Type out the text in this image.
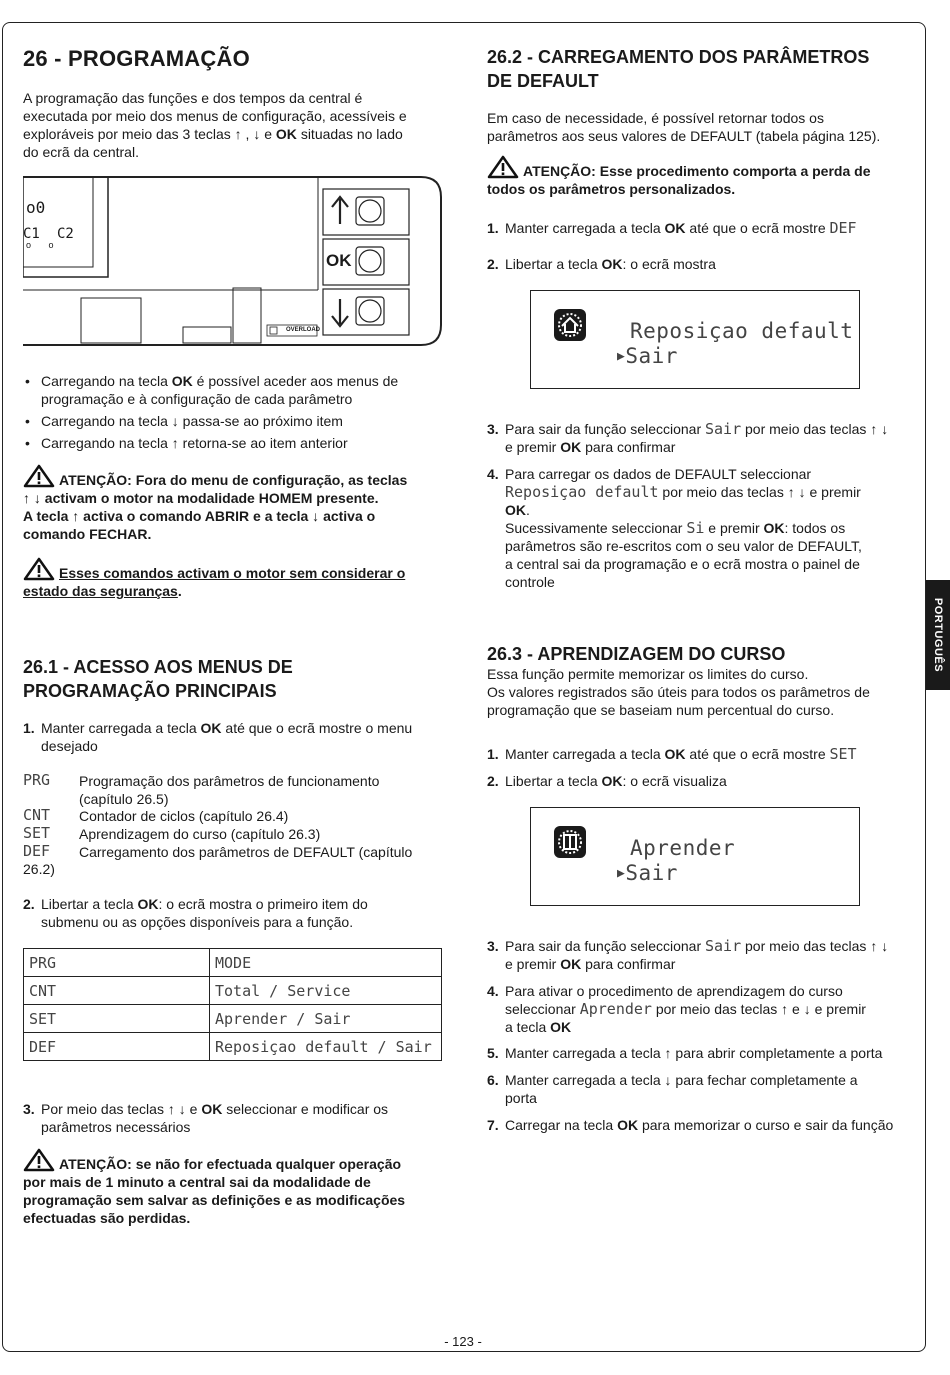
26 - PROGRAMAÇÃO
A programação das funções e dos tempos da central é
executada por meio dos menus de configuração, acessíveis e
exploráveis por meio das 3 teclas ↑ , ↓ e OK situadas no lado
do ecrã da central.
o0
C1 C2
o       o
OK
OVERLOAD
• Carregando na tecla OK é possível aceder aos menus de
programação e à configuração de cada parâmetro
• Carregando na tecla ↓ passa-se ao próximo item
• Carregando na tecla ↑ retorna-se ao item anterior
ATENÇÃO: Fora do menu de configuração, as teclas
↑ ↓ activam o motor na modalidade HOMEM presente.
A tecla ↑ activa o comando ABRIR e a tecla ↓ activa o
comando FECHAR.
Esses comandos activam o motor sem considerar o
estado das seguranças.
26.1 - ACESSO AOS MENUS DE
PROGRAMAÇÃO PRINCIPAIS
1. Manter carregada a tecla OK até que o ecrã mostre o menu
desejado
PRG Programação dos parâmetros de funcionamento
(capítulo 26.5)
CNT Contador de ciclos (capítulo 26.4)
SET Aprendizagem do curso (capítulo 26.3)
DEF Carregamento dos parâmetros de DEFAULT (capítulo
26.2)
2. Libertar a tecla OK: o ecrã mostra o primeiro item do
submenu ou as opções disponíveis para a função.
PRG	MODE
CNT	Total / Service
SET	Aprender / Sair
DEF	Reposiçao default / Sair
3. Por meio das teclas ↑ ↓ e OK seleccionar e modificar os
parâmetros necessários
ATENÇÃO: se não for efectuada qualquer operação
por mais de 1 minuto a central sai da modalidade de
programação sem salvar as definições e as modificações
efectuadas são perdidas.
26.2 - CARREGAMENTO DOS PARÂMETROS
DE DEFAULT
Em caso de necessidade, é possível retornar todos os
parâmetros aos seus valores de DEFAULT (tabela página 125).
ATENÇÃO: Esse procedimento comporta a perda de
todos os parâmetros personalizados.
1. Manter carregada a tecla OK até que o ecrã mostre DEF
2. Libertar a tecla OK: o ecrã mostra
Reposiçao default
▶Sair
3. Para sair da função seleccionar Sair por meio das teclas ↑ ↓
e premir OK para confirmar
4. Para carregar os dados de DEFAULT seleccionar
Reposiçao default por meio das teclas ↑ ↓ e premir
OK.
Sucessivamente seleccionar Si e premir OK: todos os
parâmetros são re-escritos com o seu valor de DEFAULT,
a central sai da programação e o ecrã mostra o painel de
controle
26.3 - APRENDIZAGEM DO CURSO
Essa função permite memorizar os limites do curso.
Os valores registrados são úteis para todos os parâmetros de
programação que se baseiam num percentual do curso.
1. Manter carregada a tecla OK até que o ecrã mostre SET
2. Libertar a tecla OK: o ecrã visualiza
Aprender
▶Sair
3. Para sair da função seleccionar Sair por meio das teclas ↑ ↓
e premir OK para confirmar
4. Para ativar o procedimento de aprendizagem do curso
seleccionar Aprender por meio das teclas ↑ e ↓ e premir
a tecla OK
5. Manter carregada a tecla ↑ para abrir completamente a porta
6. Manter carregada a tecla ↓ para fechar completamente a
porta
7. Carregar na tecla OK para memorizar o curso e sair da função
PORTUGUÊS
- 123 -
